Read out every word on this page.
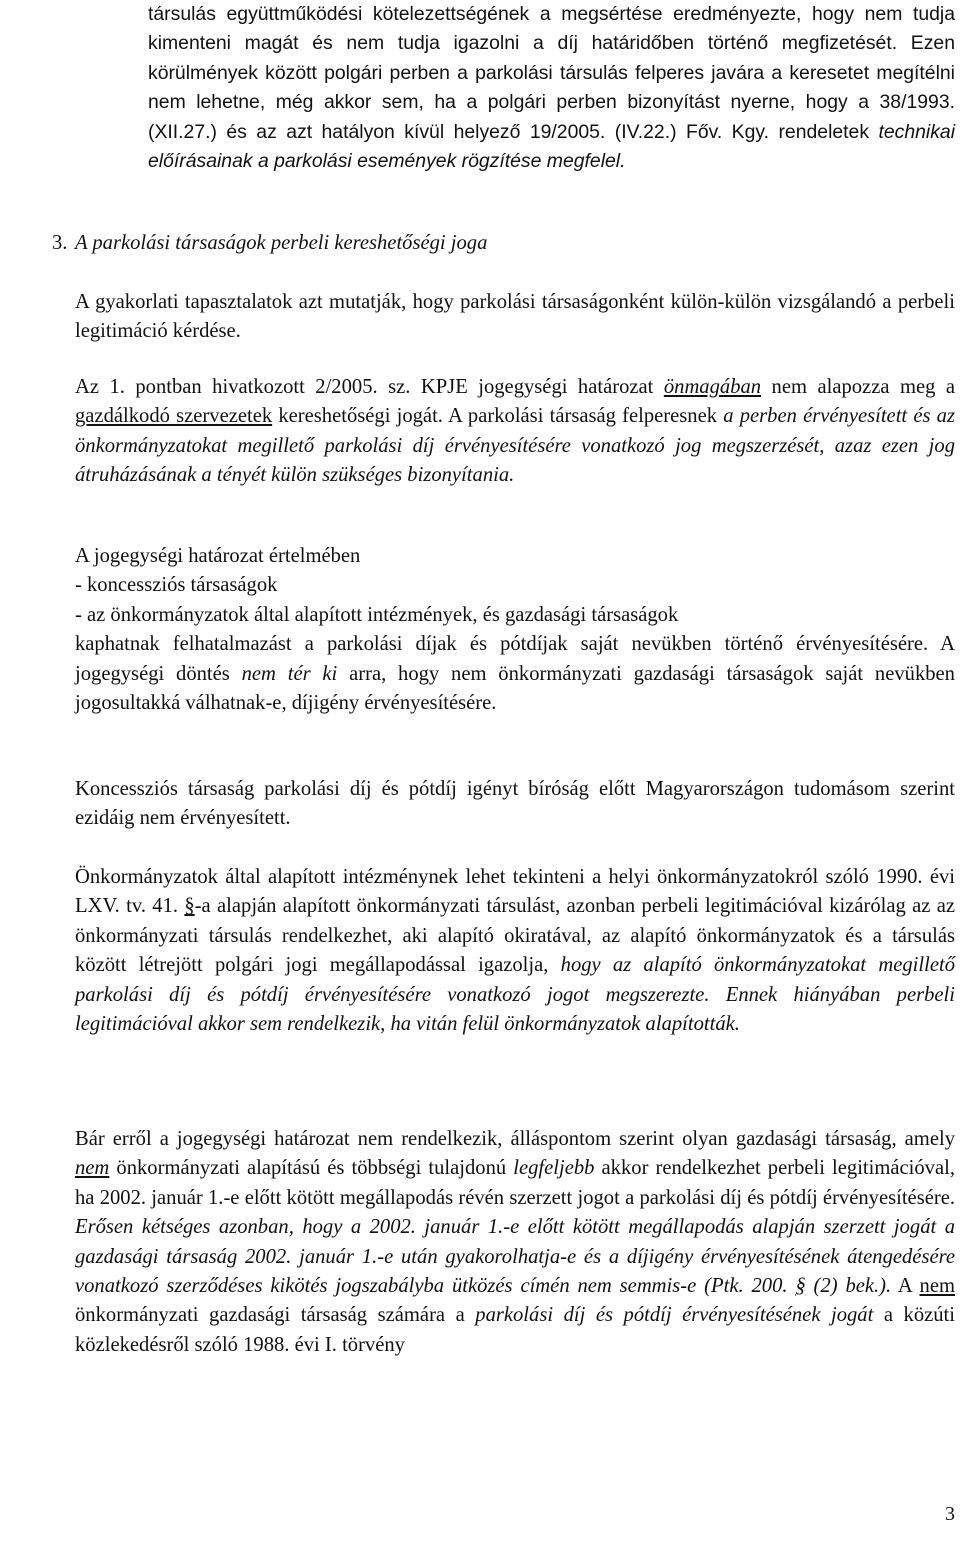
társulás együttműködési kötelezettségének a megsértése eredményezte, hogy nem tudja kimenteni magát és nem tudja igazolni a díj határidőben történő megfizetését. Ezen körülmények között polgári perben a parkolási társulás felperes javára a keresetet megítélni nem lehetne, még akkor sem, ha a polgári perben bizonyítást nyerne, hogy a 38/1993. (XII.27.) és az azt hatályon kívül helyező 19/2005. (IV.22.) Főv. Kgy. rendeletek technikai előírásainak a parkolási események rögzítése megfelel.

3. A parkolási társaságok perbeli kereshetőségi joga

A gyakorlati tapasztalatok azt mutatják, hogy parkolási társaságonként külön-külön vizsgálandó a perbeli legitimáció kérdése.

Az 1. pontban hivatkozott 2/2005. sz. KPJE jogegységi határozat önmagában nem alapozza meg a gazdálkodó szervezetek kereshetőségi jogát. A parkolási társaság felperesnek a perben érvényesített és az önkormányzatokat megillető parkolási díj érvényesítésére vonatkozó jog megszerzését, azaz ezen jog átruházásának a tényét külön szükséges bizonyítania.

A jogegységi határozat értelmében
- koncessziós társaságok
- az önkormányzatok által alapított intézmények, és gazdasági társaságok
kaphatnak felhatalmazást a parkolási díjak és pótdíjak saját nevükben történő érvényesítésére. A jogegységi döntés nem tér ki arra, hogy nem önkormányzati gazdasági társaságok saját nevükben jogosultakká válhatnak-e, díjigény érvényesítésére.

Koncessziós társaság parkolási díj és pótdíj igényt bíróság előtt Magyarországon tudomásom szerint ezidáig nem érvényesített.

Önkormányzatok által alapított intézménynek lehet tekinteni a helyi önkormányzatokról szóló 1990. évi LXV. tv. 41. §-a alapján alapított önkormányzati társulást, azonban perbeli legitimációval kizárólag az az önkormányzati társulás rendelkezhet, aki alapító okiratával, az alapító önkormányzatok és a társulás között létrejött polgári jogi megállapodással igazolja, hogy az alapító önkormányzatokat megillető parkolási díj és pótdíj érvényesítésére vonatkozó jogot megszerezte. Ennek hiányában perbeli legitimációval akkor sem rendelkezik, ha vitán felül önkormányzatok alapították.

Bár erről a jogegységi határozat nem rendelkezik, álláspontom szerint olyan gazdasági társaság, amely nem önkormányzati alapítású és többségi tulajdonú legfeljebb akkor rendelkezhet perbeli legitimációval, ha 2002. január 1.-e előtt kötött megállapodás révén szerzett jogot a parkolási díj és pótdíj érvényesítésére. Erősen kétséges azonban, hogy a 2002. január 1.-e előtt kötött megállapodás alapján szerzett jogát a gazdasági társaság 2002. január 1.-e után gyakorolhatja-e és a díjigény érvényesítésének átengedésére vonatkozó szerződéses kikötés jogszabályba ütközés címén nem semmis-e (Ptk. 200. § (2) bek.). A nem önkormányzati gazdasági társaság számára a parkolási díj és pótdíj érvényesítésének jogát a közúti közlekedésről szóló 1988. évi I. törvény

3
